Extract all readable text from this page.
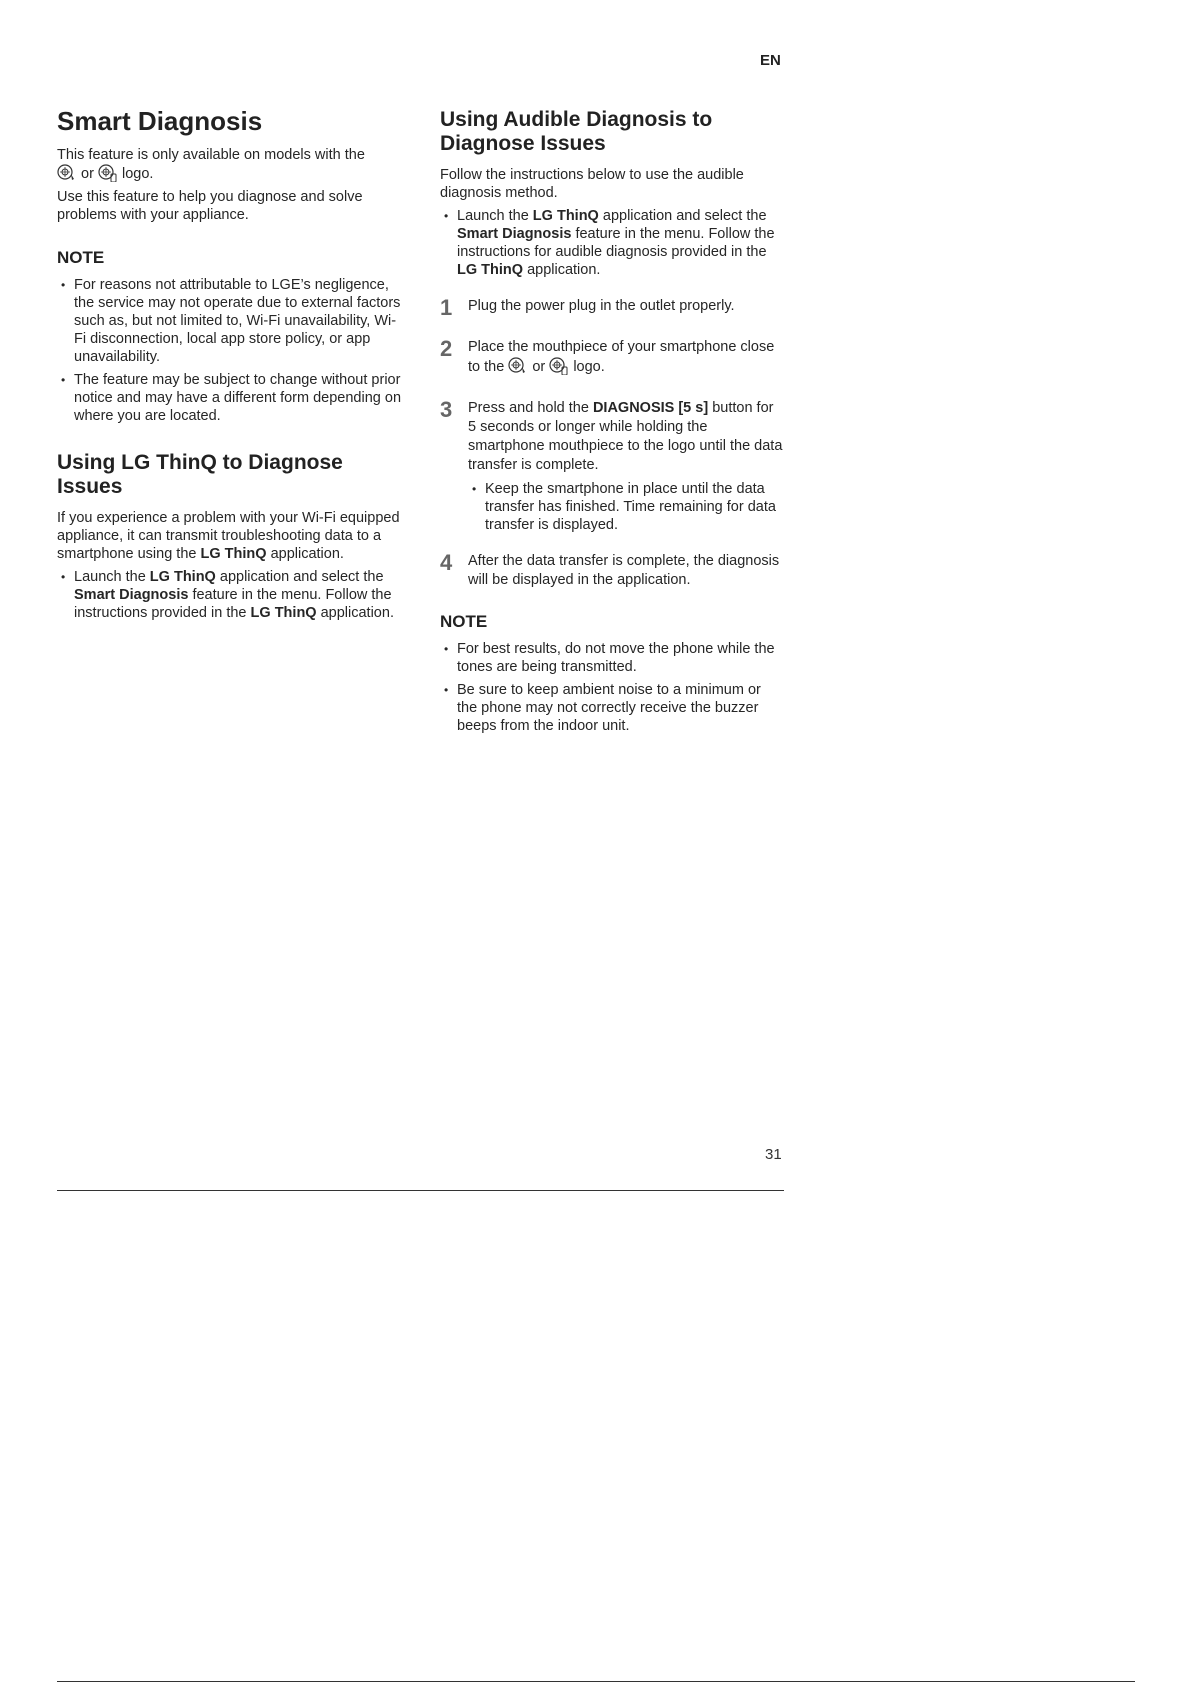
EN
Smart Diagnosis

This feature is only available on models with the
or logo.

Use this feature to help you diagnose and solve problems with your appliance.

NOTE
• For reasons not attributable to LGE’s negligence, the service may not operate due to external factors such as, but not limited to, Wi-Fi unavailability, Wi-Fi disconnection, local app store policy, or app unavailability.
• The feature may be subject to change without prior notice and may have a different form depending on where you are located.
Using LG ThinQ to Diagnose Issues

If you experience a problem with your Wi-Fi equipped appliance, it can transmit troubleshooting data to a smartphone using the LG ThinQ application.

• Launch the LG ThinQ application and select the Smart Diagnosis feature in the menu. Follow the instructions provided in the LG ThinQ application.
Using Audible Diagnosis to Diagnose Issues

Follow the instructions below to use the audible diagnosis method.

• Launch the LG ThinQ application and select the Smart Diagnosis feature in the menu. Follow the instructions for audible diagnosis provided in the LG ThinQ application.
1 Plug the power plug in the outlet properly.
2 Place the mouthpiece of your smartphone close to the or logo.
3 Press and hold the DIAGNOSIS [5 s] button for 5 seconds or longer while holding the smartphone mouthpiece to the logo until the data transfer is complete.
• Keep the smartphone in place until the data transfer has finished. Time remaining for data transfer is displayed.
4 After the data transfer is complete, the diagnosis will be displayed in the application.
NOTE
• For best results, do not move the phone while the tones are being transmitted.
• Be sure to keep ambient noise to a minimum or the phone may not correctly receive the buzzer beeps from the indoor unit.
31
